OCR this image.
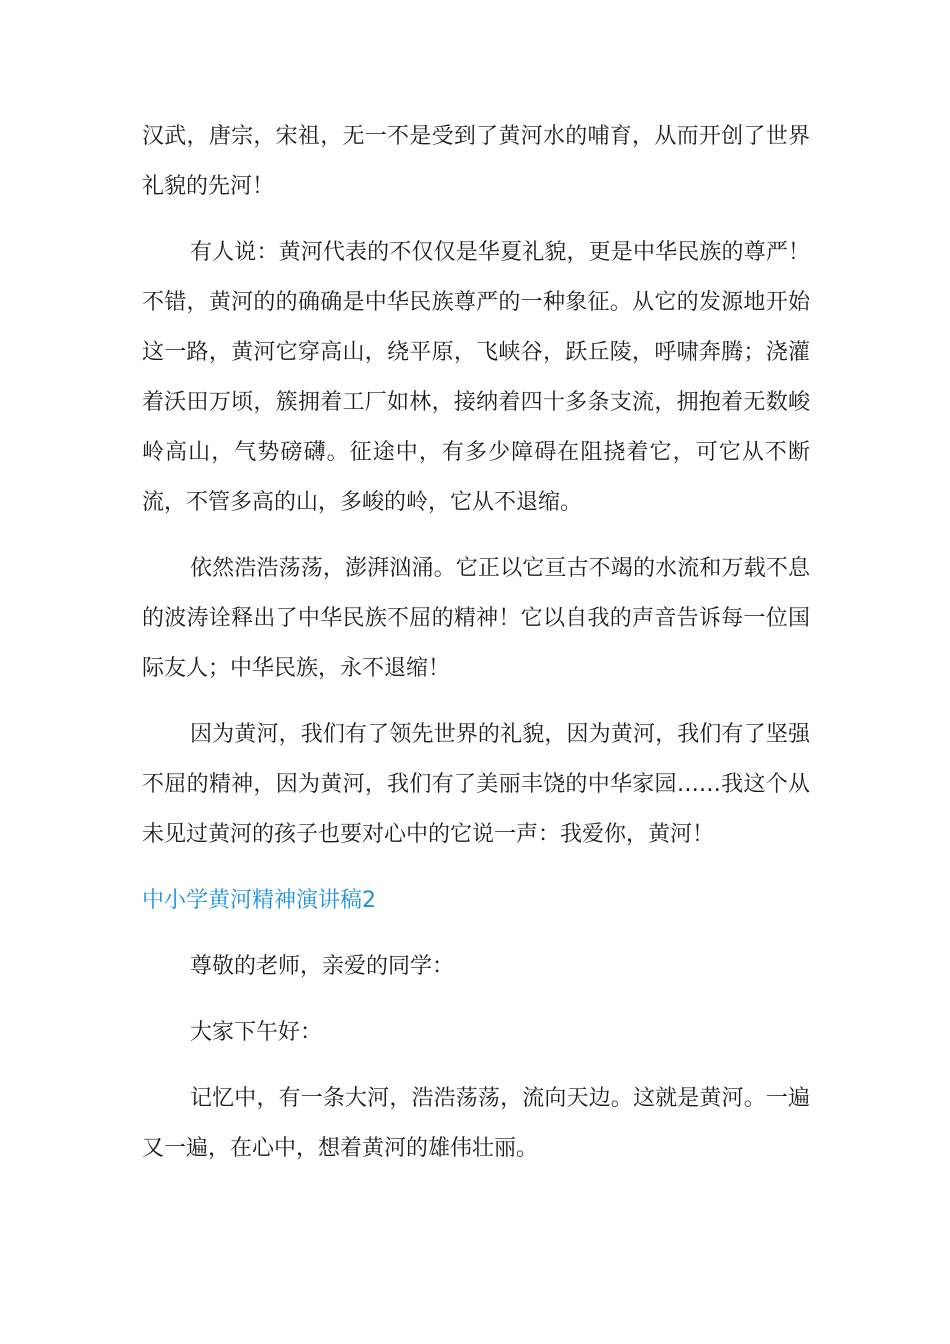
汉武，唐宗，宋祖，无一不是受到了黄河水的哺育，从而开创了世界礼貌的先河！

有人说：黄河代表的不仅仅是华夏礼貌，更是中华民族的尊严！不错，黄河的的确确是中华民族尊严的一种象征。从它的发源地开始这一路，黄河它穿高山，绕平原，飞峡谷，跃丘陵，呼啸奔腾；浇灌着沃田万顷，簇拥着工厂如林，接纳着四十多条支流，拥抱着无数峻岭高山，气势磅礴。征途中，有多少障碍在阻挠着它，可它从不断流，不管多高的山，多峻的岭，它从不退缩。

依然浩浩荡荡，澎湃汹涌。它正以它亘古不竭的水流和万载不息的波涛诠释出了中华民族不屈的精神！它以自我的声音告诉每一位国际友人；中华民族，永不退缩！

因为黄河，我们有了领先世界的礼貌，因为黄河，我们有了坚强不屈的精神，因为黄河，我们有了美丽丰饶的中华家园……我这个从未见过黄河的孩子也要对心中的它说一声：我爱你，黄河！

中小学黄河精神演讲稿2

尊敬的老师，亲爱的同学：

大家下午好：

记忆中，有一条大河，浩浩荡荡，流向天边。这就是黄河。一遍又一遍，在心中，想着黄河的雄伟壮丽。
